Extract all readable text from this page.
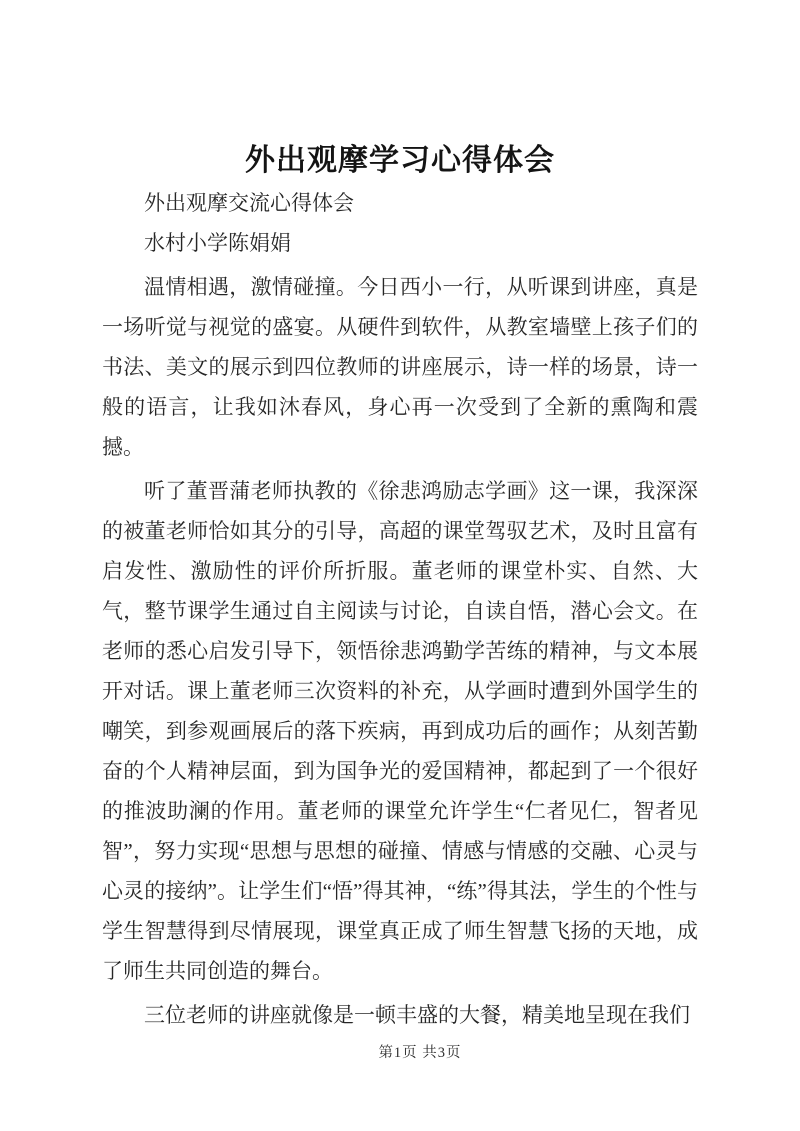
外出观摩学习心得体会

外出观摩交流心得体会

水村小学陈娟娟

温情相遇，激情碰撞。今日西小一行，从听课到讲座，真是一场听觉与视觉的盛宴。从硬件到软件，从教室墙壁上孩子们的书法、美文的展示到四位教师的讲座展示，诗一样的场景，诗一般的语言，让我如沐春风，身心再一次受到了全新的熏陶和震撼。

听了董晋蒲老师执教的《徐悲鸿励志学画》这一课，我深深的被董老师恰如其分的引导，高超的课堂驾驭艺术，及时且富有启发性、激励性的评价所折服。董老师的课堂朴实、自然、大气，整节课学生通过自主阅读与讨论，自读自悟，潜心会文。在老师的悉心启发引导下，领悟徐悲鸿勤学苦练的精神，与文本展开对话。课上董老师三次资料的补充，从学画时遭到外国学生的嘲笑，到参观画展后的落下疾病，再到成功后的画作；从刻苦勤奋的个人精神层面，到为国争光的爱国精神，都起到了一个很好的推波助澜的作用。董老师的课堂允许学生“仁者见仁，智者见智”，努力实现“思想与思想的碰撞、情感与情感的交融、心灵与心灵的接纳”。让学生们“悟”得其神，“练”得其法，学生的个性与学生智慧得到尽情展现，课堂真正成了师生智慧飞扬的天地，成了师生共同创造的舞台。

三位老师的讲座就像是一顿丰盛的大餐，精美地呈现在我们

第1页 共3页
